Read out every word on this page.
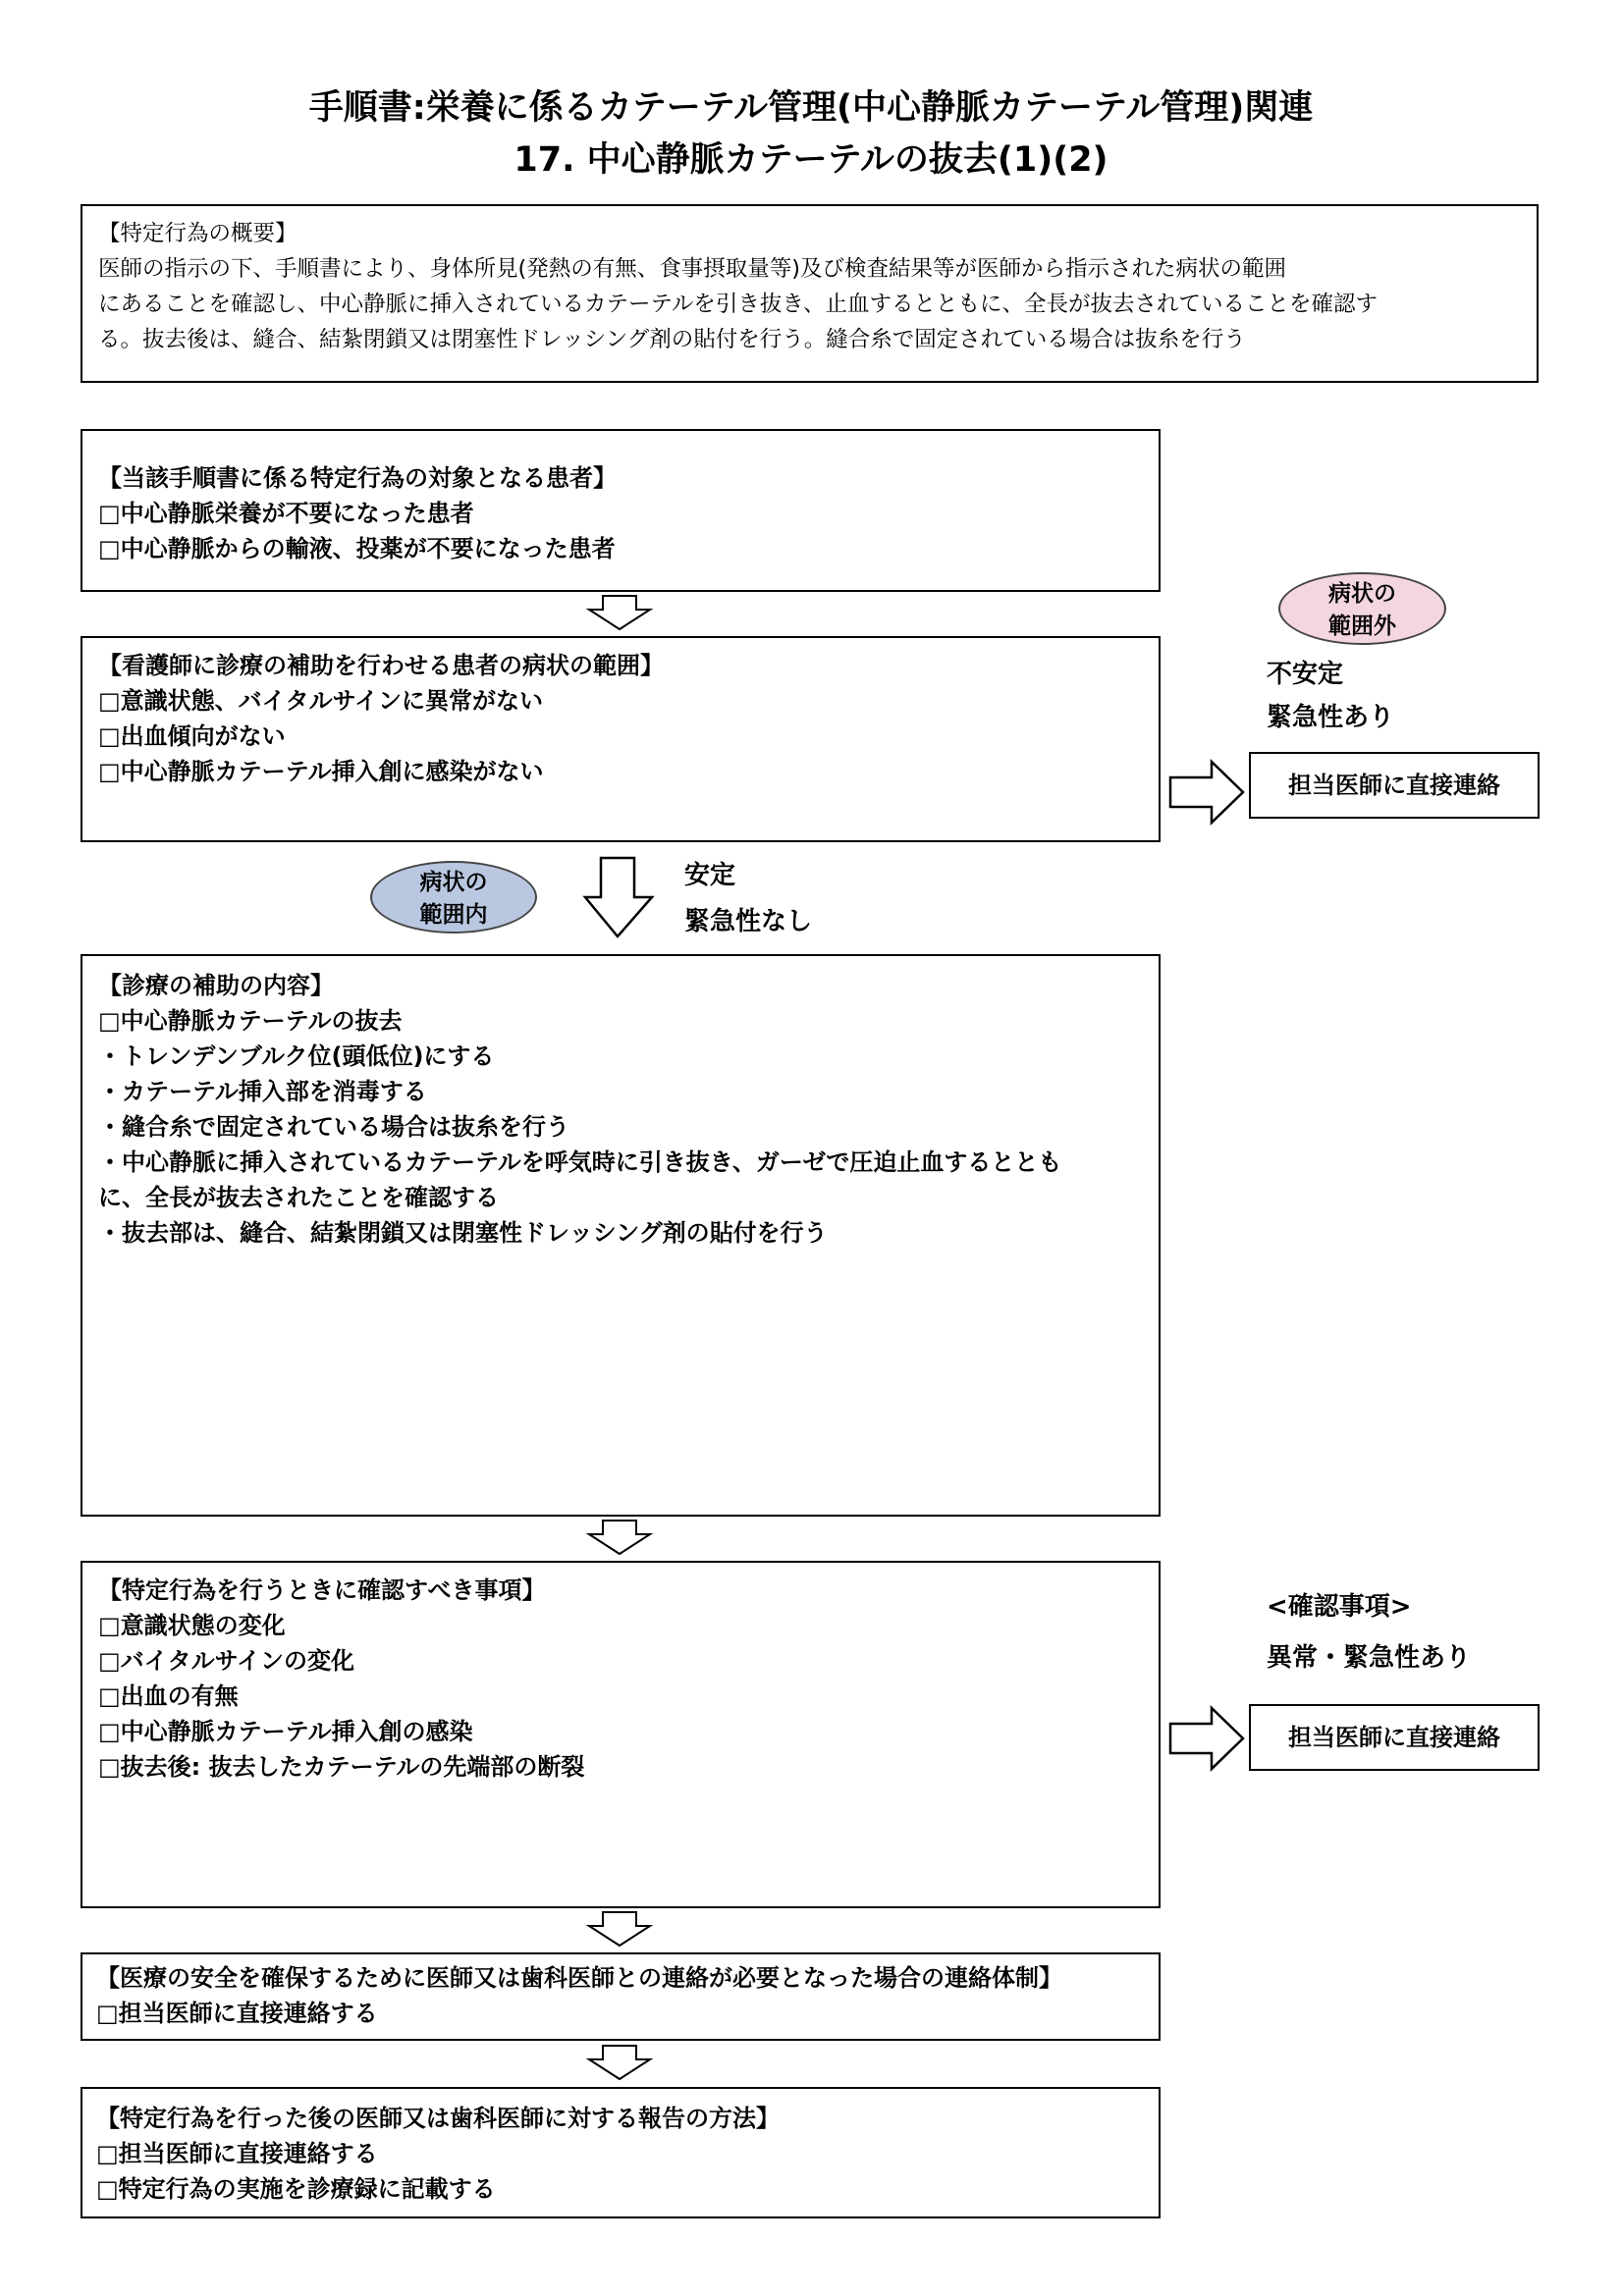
手順書:栄養に係るカテーテル管理(中心静脈カテーテル管理)関連
17. 中心静脈カテーテルの抜去(1)(2)
【特定行為の概要】
医師の指示の下、手順書により、身体所見(発熱の有無、食事摂取量等)及び検査結果等が医師から指示された病状の範囲
にあることを確認し、中心静脈に挿入されているカテーテルを引き抜き、止血するとともに、全長が抜去されていることを確認す
る。抜去後は、縫合、結紮閉鎖又は閉塞性ドレッシング剤の貼付を行う。縫合糸で固定されている場合は抜糸を行う
【当該手順書に係る特定行為の対象となる患者】
□中心静脈栄養が不要になった患者
□中心静脈からの輸液、投薬が不要になった患者
【看護師に診療の補助を行わせる患者の病状の範囲】
□意識状態、バイタルサインに異常がない
□出血傾向がない
□中心静脈カテーテル挿入創に感染がない
病状の
範囲外
不安定
緊急性あり
担当医師に直接連絡
病状の
範囲内
安定
緊急性なし
【診療の補助の内容】
□中心静脈カテーテルの抜去
・トレンデンブルク位(頭低位)にする
・カテーテル挿入部を消毒する
・縫合糸で固定されている場合は抜糸を行う
・中心静脈に挿入されているカテーテルを呼気時に引き抜き、ガーゼで圧迫止血するととも
に、全長が抜去されたことを確認する
・抜去部は、縫合、結紮閉鎖又は閉塞性ドレッシング剤の貼付を行う
【特定行為を行うときに確認すべき事項】
□意識状態の変化
□バイタルサインの変化
□出血の有無
□中心静脈カテーテル挿入創の感染
□抜去後: 抜去したカテーテルの先端部の断裂
<確認事項>
異常・緊急性あり
担当医師に直接連絡
【医療の安全を確保するために医師又は歯科医師との連絡が必要となった場合の連絡体制】
□担当医師に直接連絡する
【特定行為を行った後の医師又は歯科医師に対する報告の方法】
□担当医師に直接連絡する
□特定行為の実施を診療録に記載する
